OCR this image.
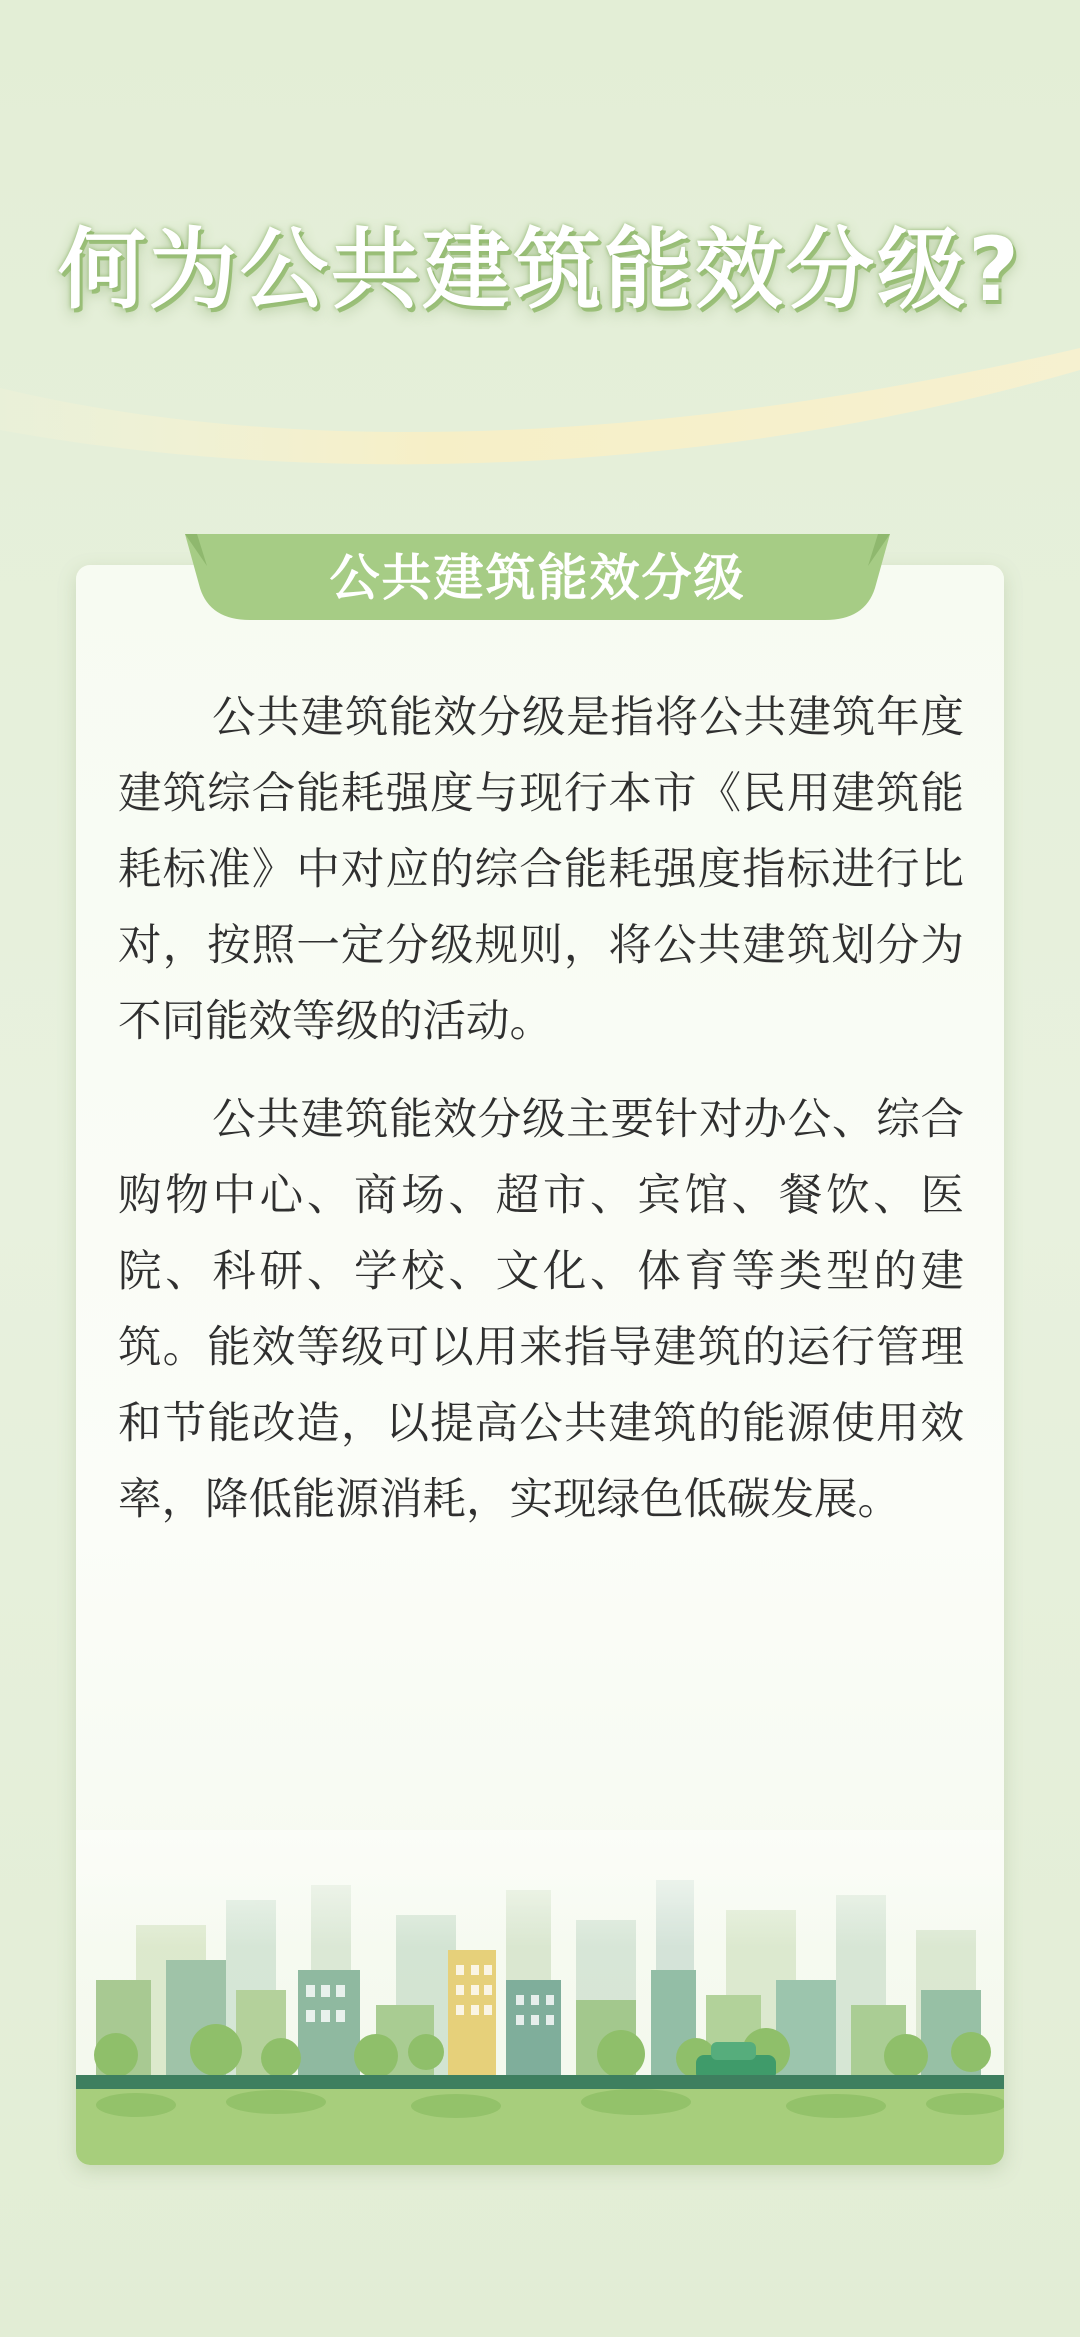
何为公共建筑能效分级?
公共建筑能效分级

公共建筑能效分级是指将公共建筑年度建筑综合能耗强度与现行本市《民用建筑能耗标准》中对应的综合能耗强度指标进行比对，按照一定分级规则，将公共建筑划分为不同能效等级的活动。

公共建筑能效分级主要针对办公、综合购物中心、商场、超市、宾馆、餐饮、医院、科研、学校、文化、体育等类型的建筑。能效等级可以用来指导建筑的运行管理和节能改造，以提高公共建筑的能源使用效率，降低能源消耗，实现绿色低碳发展。
